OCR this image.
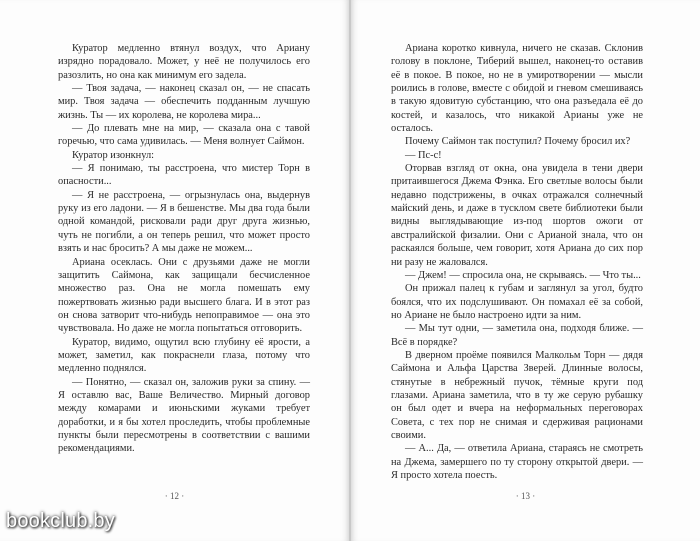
Куратор медленно втянул воздух, что Ариану изрядно порадовало. Может, у неё не получилось его разозлить, но она как минимум его задела.

— Твоя задача, — наконец сказал он, — не спасать мир. Твоя задача — обеспечить подданным лучшую жизнь. Ты — их королева, не королева мира...

— До плевать мне на мир, — сказала она с тавой горечью, что сама удивилась. — Меня волнует Саймон.

Куратор изонкнул:

— Я понимаю, ты расстроена, что мистер Торн в опасности...

— Я не расстроена, — огрызнулась она, выдернув руку из его ладони. — Я в бешенстве. Мы два года были одной командой, рисковали ради друг друга жизнью, чуть не погибли, а он теперь решил, что может просто взять и нас бросить? А мы даже не можем...

Ариана осеклась. Они с друзьями даже не могли защитить Саймона, как защищали бесчисленное множество раз. Она не могла помешать ему пожертвовать жизнью ради высшего блага. И в этот раз он снова затворит что-нибудь непоправимое — она это чувствовала. Но даже не могла попытаться отговорить.

Куратор, видимо, ощутил всю глубину её ярости, а может, заметил, как покраснели глаза, потому что медленно поднялся.

— Понятно, — сказал он, заложив руки за спину. — Я оставлю вас, Ваше Величество. Мирный договор между комарами и июньскими жуками требует доработки, и я бы хотел проследить, чтобы проблемные пункты были пересмотрены в соответствии с вашими рекомендациями.

· 12 ·

Ариана коротко кивнула, ничего не сказав. Склонив голову в поклоне, Тиберий вышел, наконец-то оставив её в покое. В покое, но не в умиротворении — мысли роились в голове, вместе с обидой и гневом смешиваясь в такую ядовитую субстанцию, что она разъедала её до костей, и казалось, что никакой Арианы уже не осталось.

Почему Саймон так поступил? Почему бросил их?

— Пс-с!

Оторвав взгляд от окна, она увидела в тени двери притаившегося Джема Фэнка. Его светлые волосы были недавно подстрижены, в очках отражался солнечный майский день, и даже в тусклом свете библиотеки были видны выглядывающие из-под шортов ожоги от австралийской физалии. Они с Арианой знала, что он раскаялся больше, чем говорит, хотя Ариана до сих пор ни разу не жаловался.

— Джем! — спросила она, не скрываясь. — Что ты...

Он прижал палец к губам и заглянул за угол, будто боялся, что их подслушивают. Он помахал её за собой, но Ариане не было настроено идти за ним.

— Мы тут одни, — заметила она, подходя ближе. — Всё в порядке?

В дверном проёме появился Малкольм Торн — дядя Саймона и Альфа Царства Зверей. Длинные волосы, стянутые в небрежный пучок, тёмные круги под глазами. Ариана заметила, что в ту же серую рубашку он был одет и вчера на неформальных переговорах Совета, с тех пор не снимая и сдерживая рационами своими.

— А... Да, — ответила Ариана, стараясь не смотреть на Джема, замершего по ту сторону открытой двери. — Я просто хотела поесть.

· 13 ·
bookclub.by
